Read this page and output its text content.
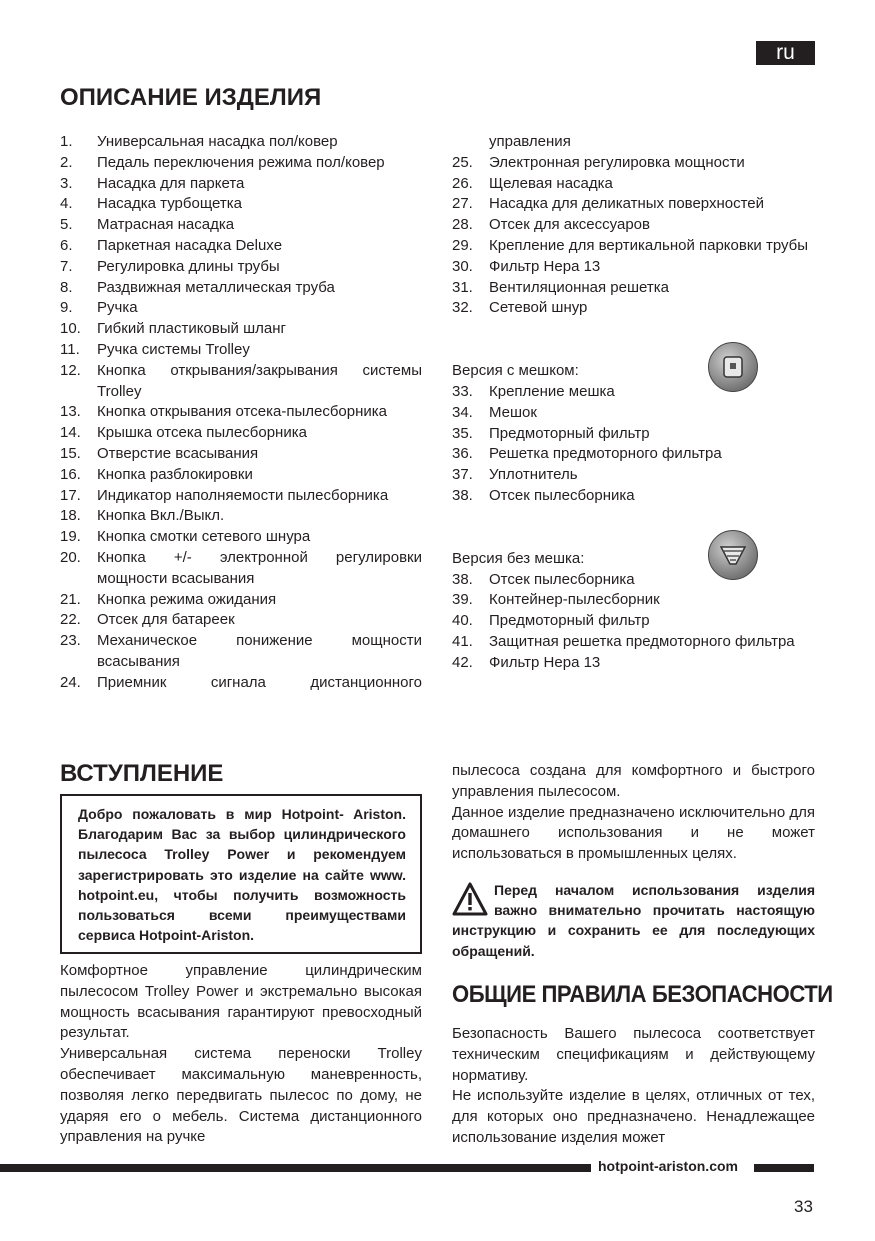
ru
ОПИСАНИЕ ИЗДЕЛИЯ
1.	Универсальная насадка пол/ковер
2.	Педаль переключения режима пол/ковер
3.	Насадка для паркета
4.	Насадка турбощетка
5.	Матрасная насадка
6.	Паркетная насадка Deluxe
7.	Регулировка длины трубы
8.	Раздвижная металлическая труба
9.	Ручка
10.	Гибкий пластиковый шланг
11.	Ручка системы Trolley
12.	Кнопка открывания/закрывания системы Trolley
13.	Кнопка открывания отсека-пылесборника
14.	Крышка отсека пылесборника
15.	Отверстие всасывания
16.	Кнопка разблокировки
17.	Индикатор наполняемости пылесборника
18.	Кнопка Вкл./Выкл.
19.	Кнопка смотки сетевого шнура
20.	Кнопка +/- электронной регулировки мощности всасывания
21.	Кнопка режима ожидания
22.	Отсек для батареек
23.	Механическое понижение мощности всасывания
24.	Приемник сигнала дистанционного
управления
25.	Электронная регулировка мощности
26.	Щелевая насадка
27.	Насадка для деликатных поверхностей
28.	Отсек для аксессуаров
29.	Крепление для вертикальной парковки трубы
30.	Фильтр Hepa 13
31.	Вентиляционная решетка
32.	Сетевой шнур
Версия с мешком:
33.	Крепление мешка
34.	Мешок
35.	Предмоторный фильтр
36.	Решетка предмоторного фильтра
37.	Уплотнитель
38.	Отсек пылесборника
Версия без мешка:
38.	Отсек пылесборника
39.	Контейнер-пылесборник
40.	Предмоторный фильтр
41.	Защитная решетка предмоторного фильтра
42.	Фильтр Hepa 13
ВСТУПЛЕНИЕ
Добро пожаловать в мир Hotpoint- Ariston. Благодарим Вас за выбор цилиндрического пылесоса Trolley Power и рекомендуем зарегистрировать это изделие на сайте www. hotpoint.eu, чтобы получить возможность пользоваться всеми преимуществами сервиса Hotpoint-Ariston.
Комфортное управление цилиндрическим пылесосом Trolley Power и экстремально высокая мощность всасывания гарантируют превосходный результат.
Универсальная система переноски Trolley обеспечивает максимальную маневренность, позволяя легко передвигать пылесос по дому, не ударяя его о мебель. Система дистанционного управления на ручке
пылесоса создана для комфортного и быстрого управления пылесосом.
Данное изделие предназначено исключительно для домашнего использования и не может использоваться в промышленных целях.
Перед началом использования изделия важно внимательно прочитать настоящую инструкцию и сохранить ее для последующих обращений.
ОБЩИЕ ПРАВИЛА БЕЗОПАСНОСТИ
Безопасность Вашего пылесоса соответствует техническим спецификациям и действующему нормативу.
Не используйте изделие в целях, отличных от тех, для которых оно предназначено. Ненадлежащее использование изделия может
hotpoint-ariston.com
33
